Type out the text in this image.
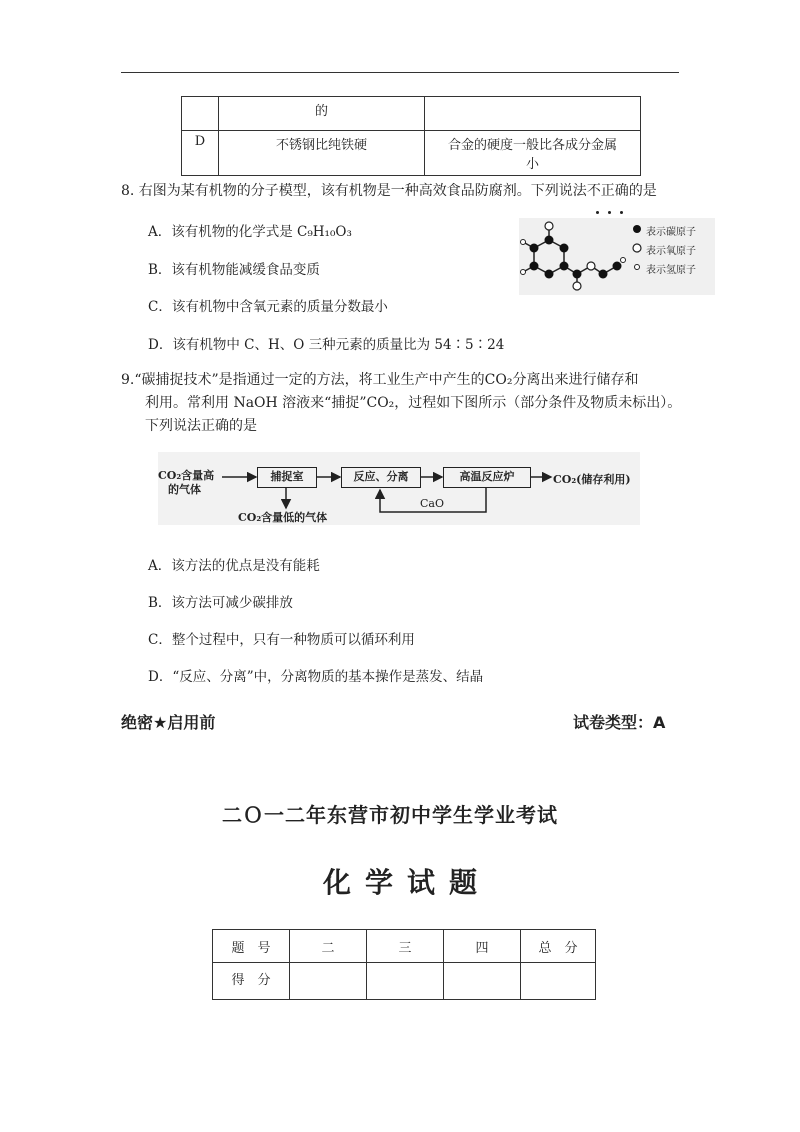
	的	
D	不锈钢比纯铁硬	合金的硬度一般比各成分金属
小
8. 右图为某有机物的分子模型，该有机物是一种高效食品防腐剂。下列说法不正确的是
A．该有机物的化学式是 C₉H₁₀O₃
B．该有机物能减缓食品变质
C．该有机物中含氧元素的质量分数最小
D．该有机物中 C、H、O 三种元素的质量比为 54∶5∶24
表示碳原子
表示氧原子
表示氢原子
9.“碳捕捉技术”是指通过一定的方法，将工业生产中产生的CO₂分离出来进行储存和
利用。常利用 NaOH 溶液来“捕捉”CO₂，过程如下图所示（部分条件及物质未标出）。
下列说法正确的是
CO₂含量高
的气体
捕捉室	反应、分离	高温反应炉	CO₂(储存利用)
CO₂含量低的气体
CaO
A．该方法的优点是没有能耗
B．该方法可减少碳排放
C．整个过程中，只有一种物质可以循环利用
D．“反应、分离”中，分离物质的基本操作是蒸发、结晶
绝密★启用前	试卷类型：A
二Ｏ一二年东营市初中学生学业考试
化学试题
题　号	二	三	四	总　分
得　分				
